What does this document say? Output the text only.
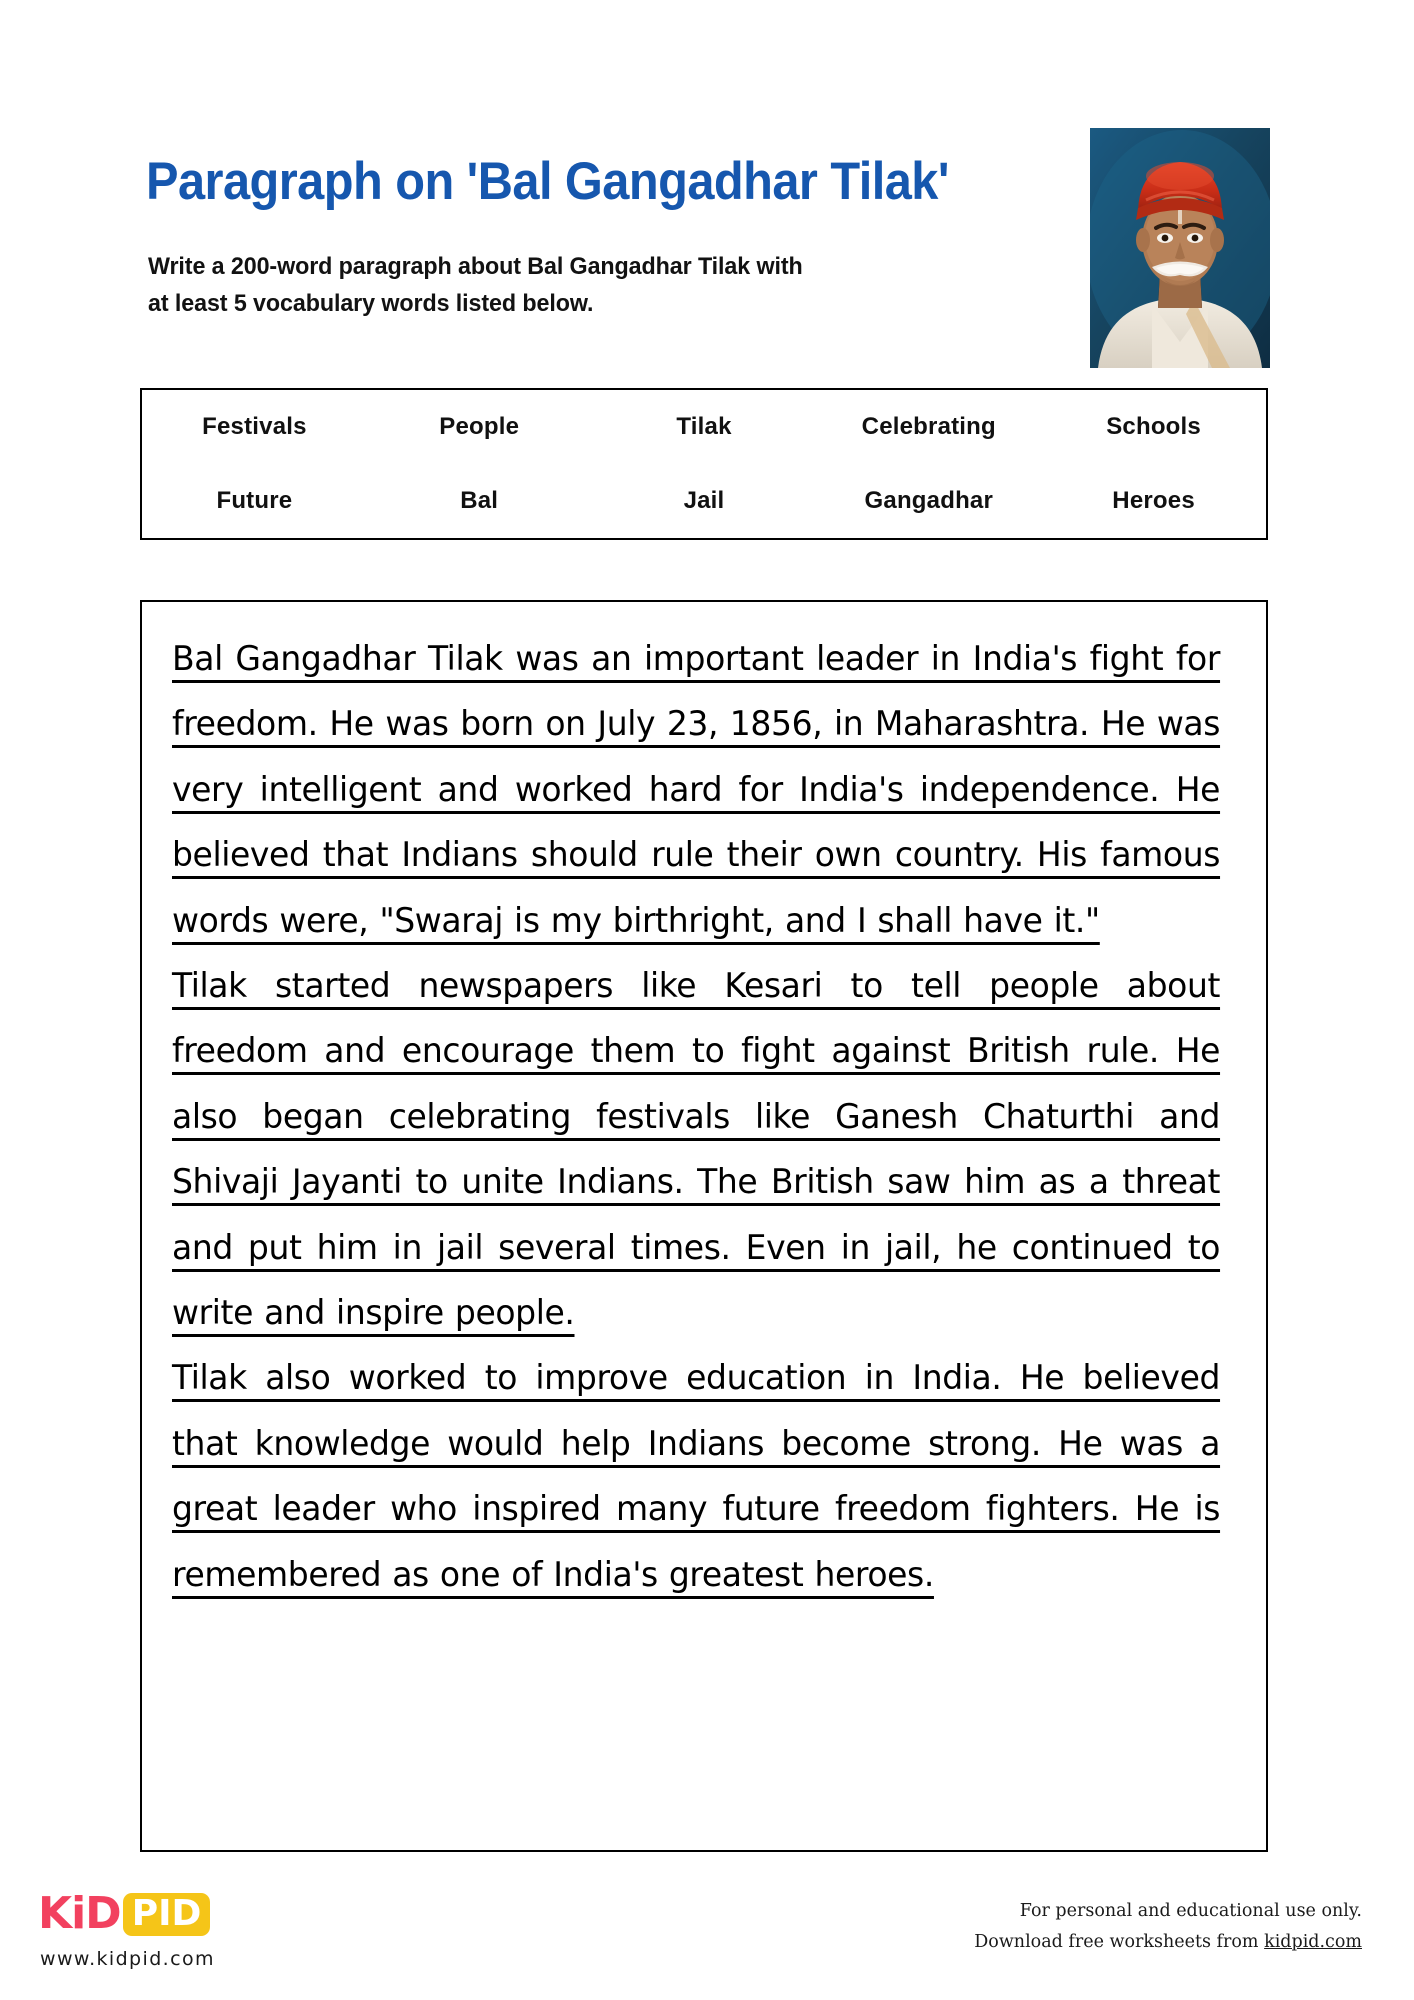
Paragraph on 'Bal Gangadhar Tilak'
Write a 200-word paragraph about Bal Gangadhar Tilak with
at least 5 vocabulary words listed below.
Festivals	People	Tilak	Celebrating	Schools
Future	Bal	Jail	Gangadhar	Heroes

Bal Gangadhar Tilak was an important leader in India's fight for freedom. He was born on July 23, 1856, in Maharashtra. He was very intelligent and worked hard for India's independence. He believed that Indians should rule their own country. His famous words were, "Swaraj is my birthright, and I shall have it."

Tilak started newspapers like Kesari to tell people about freedom and encourage them to fight against British rule. He also began celebrating festivals like Ganesh Chaturthi and Shivaji Jayanti to unite Indians. The British saw him as a threat and put him in jail several times. Even in jail, he continued to write and inspire people.

Tilak also worked to improve education in India. He believed that knowledge would help Indians become strong. He was a great leader who inspired many future freedom fighters. He is remembered as one of India's greatest heroes.

KiD PID
www.kidpid.com
For personal and educational use only.
Download free worksheets from kidpid.com
